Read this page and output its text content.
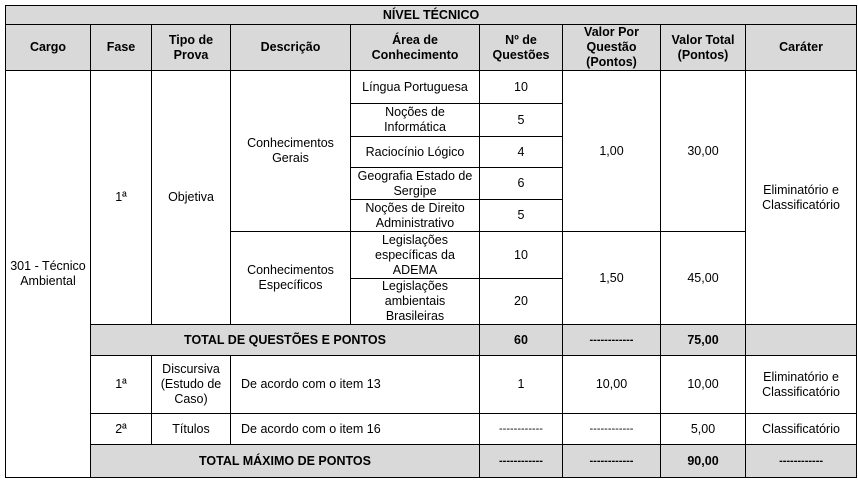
NÍVEL TÉCNICO								
Cargo	Fase	Tipo de Prova	Descrição	Área de Conhecimento	Nº de Questões	Valor Por Questão (Pontos)	Valor Total (Pontos)	Caráter
301 - Técnico Ambiental	1ª	Objetiva	Conhecimentos Gerais	Língua Portuguesa	10	1,00	30,00	Eliminatório e Classificatório
				Noções de Informática	5			
				Raciocínio Lógico	4			
				Geografia Estado de Sergipe	6			
				Noções de Direito Administrativo	5			
			Conhecimentos Específicos	Legislações específicas da ADEMA	10	1,50	45,00	
				Legislações ambientais Brasileiras	20			
	TOTAL DE QUESTÕES E PONTOS				60	------------	75,00	
	1ª	Discursiva (Estudo de Caso)	De acordo com o item 13		1	10,00	10,00	Eliminatório e Classificatório
	2ª	Títulos	De acordo com o item 16		------------	------------	5,00	Classificatório
	TOTAL MÁXIMO DE PONTOS				------------	------------	90,00	------------
